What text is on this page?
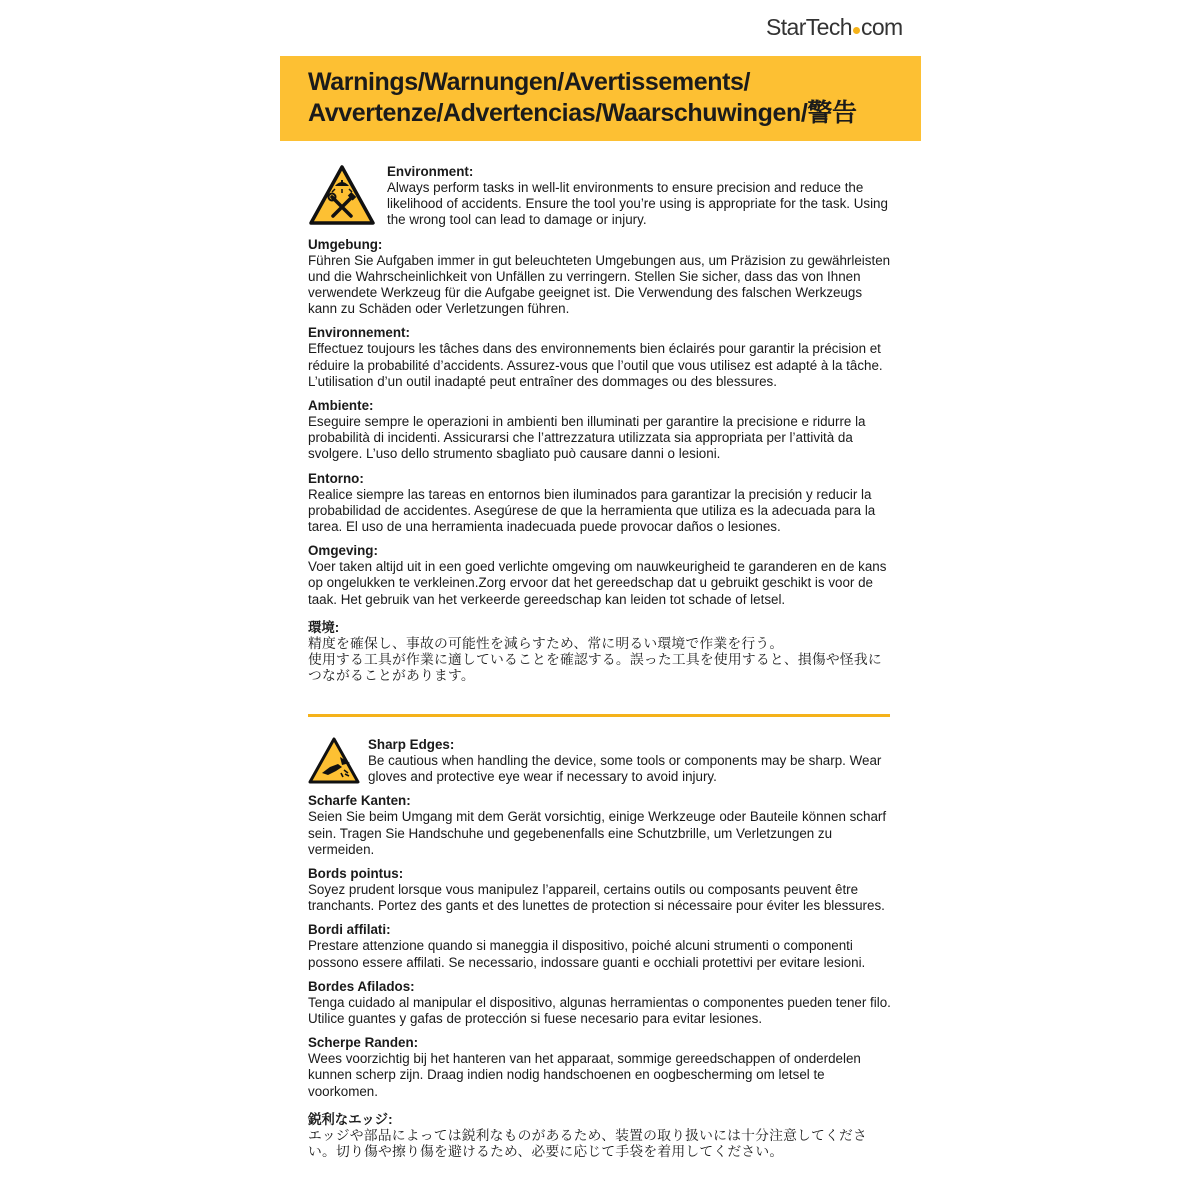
StarTech com
Warnings/Warnungen/Avertissements/
Avvertenze/Advertencias/Waarschuwingen/警告
Environment:
Always perform tasks in well-lit environments to ensure precision and reduce the likelihood of accidents. Ensure the tool you’re using is appropriate for the task. Using the wrong tool can lead to damage or injury.
Umgebung:
Führen Sie Aufgaben immer in gut beleuchteten Umgebungen aus, um Präzision zu gewährleisten und die Wahrscheinlichkeit von Unfällen zu verringern. Stellen Sie sicher, dass das von Ihnen verwendete Werkzeug für die Aufgabe geeignet ist. Die Verwendung des falschen Werkzeugs kann zu Schäden oder Verletzungen führen.
Environnement:
Effectuez toujours les tâches dans des environnements bien éclairés pour garantir la précision et réduire la probabilité d’accidents. Assurez-vous que l’outil que vous utilisez est adapté à la tâche. L’utilisation d’un outil inadapté peut entraîner des dommages ou des blessures.
Ambiente:
Eseguire sempre le operazioni in ambienti ben illuminati per garantire la precisione e ridurre la probabilità di incidenti. Assicurarsi che l’attrezzatura utilizzata sia appropriata per l’attività da svolgere. L’uso dello strumento sbagliato può causare danni o lesioni.
Entorno:
Realice siempre las tareas en entornos bien iluminados para garantizar la precisión y reducir la probabilidad de accidentes. Asegúrese de que la herramienta que utiliza es la adecuada para la tarea. El uso de una herramienta inadecuada puede provocar daños o lesiones.
Omgeving:
Voer taken altijd uit in een goed verlichte omgeving om nauwkeurigheid te garanderen en de kans op ongelukken te verkleinen.Zorg ervoor dat het gereedschap dat u gebruikt geschikt is voor de taak. Het gebruik van het verkeerde gereedschap kan leiden tot schade of letsel.
環境:
精度を確保し、事故の可能性を減らすため、常に明るい環境で作業を行う。
使用する工具が作業に適していることを確認する。誤った工具を使用すると、損傷や怪我につながることがあります。
Sharp Edges:
Be cautious when handling the device, some tools or components may be sharp. Wear gloves and protective eye wear if necessary to avoid injury.
Scharfe Kanten:
Seien Sie beim Umgang mit dem Gerät vorsichtig, einige Werkzeuge oder Bauteile können scharf sein. Tragen Sie Handschuhe und gegebenenfalls eine Schutzbrille, um Verletzungen zu vermeiden.
Bords pointus:
Soyez prudent lorsque vous manipulez l’appareil, certains outils ou composants peuvent être tranchants. Portez des gants et des lunettes de protection si nécessaire pour éviter les blessures.
Bordi affilati:
Prestare attenzione quando si maneggia il dispositivo, poiché alcuni strumenti o componenti possono essere affilati. Se necessario, indossare guanti e occhiali protettivi per evitare lesioni.
Bordes Afilados:
Tenga cuidado al manipular el dispositivo, algunas herramientas o componentes pueden tener filo. Utilice guantes y gafas de protección si fuese necesario para evitar lesiones.
Scherpe Randen:
Wees voorzichtig bij het hanteren van het apparaat, sommige gereedschappen of onderdelen kunnen scherp zijn. Draag indien nodig handschoenen en oogbescherming om letsel te voorkomen.
鋭利なエッジ:
エッジや部品によっては鋭利なものがあるため、装置の取り扱いには十分注意してください。切り傷や擦り傷を避けるため、必要に応じて手袋を着用してください。
